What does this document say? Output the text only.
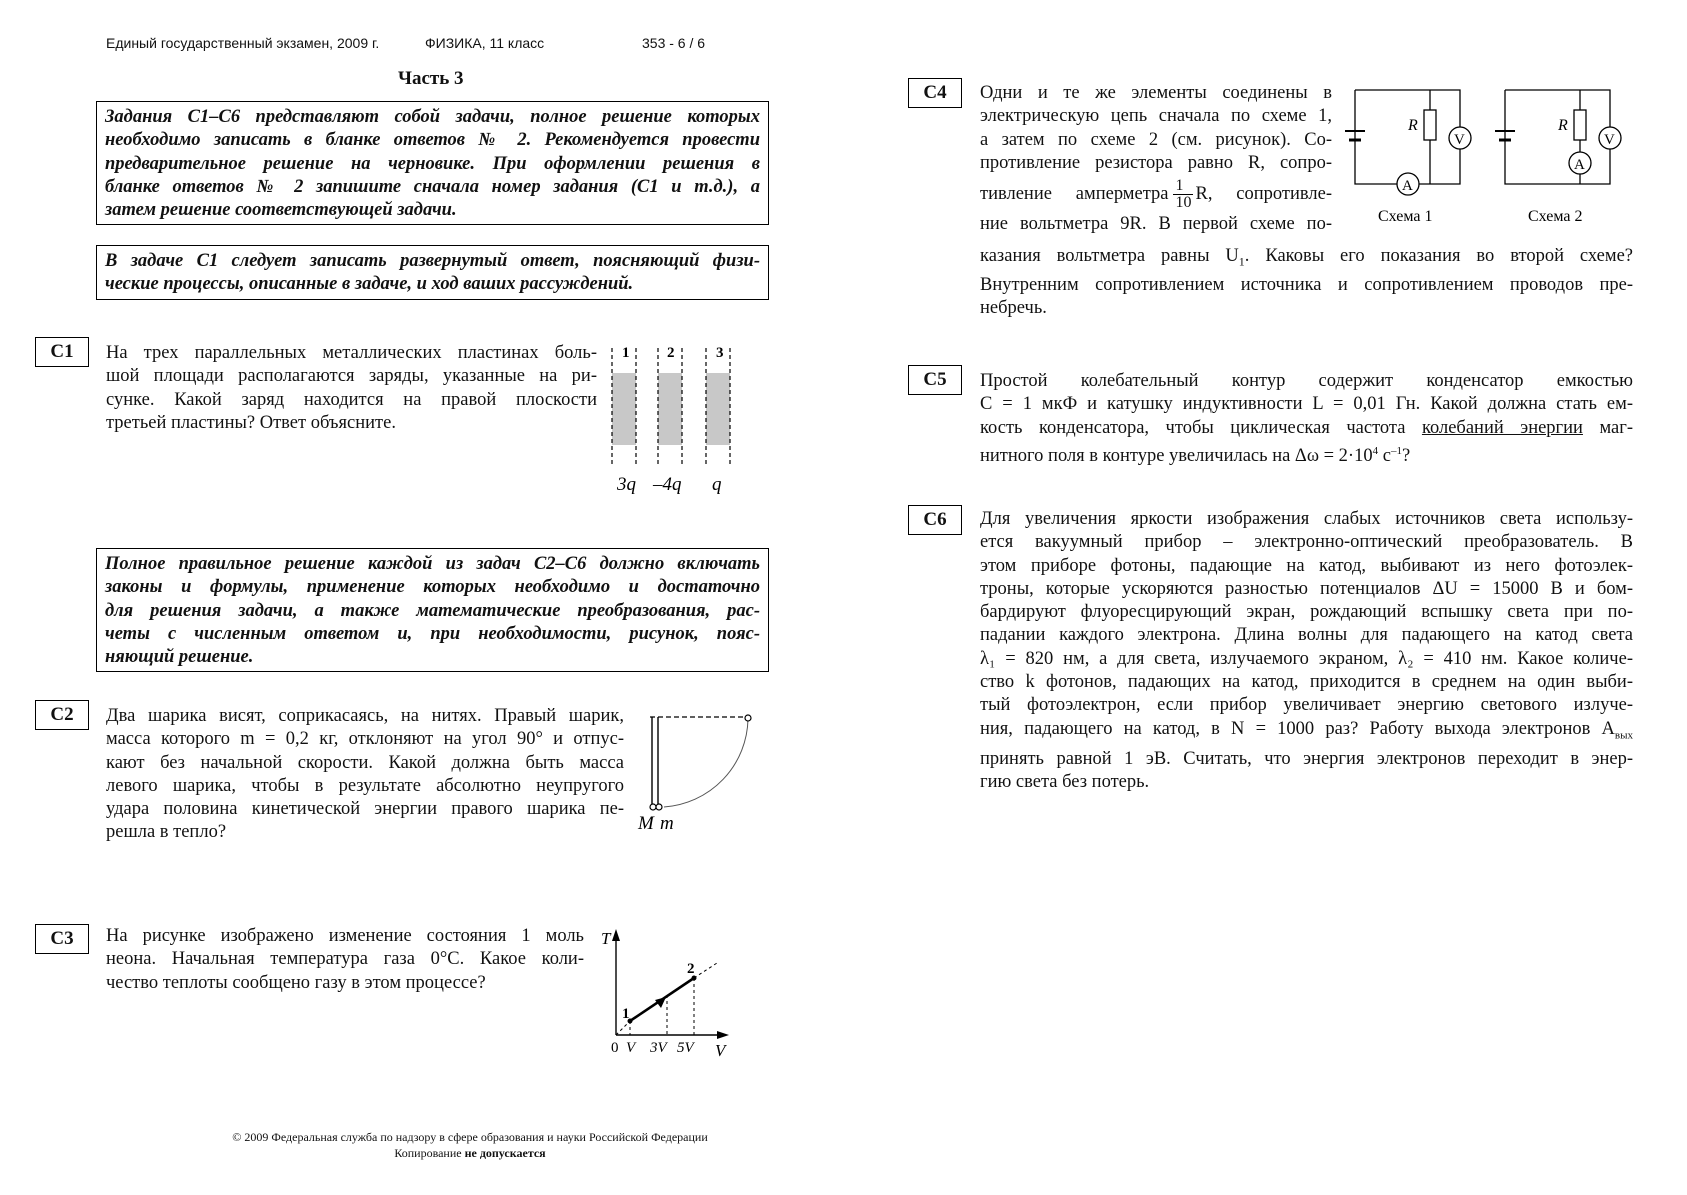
Единый государственный экзамен, 2009 г.	ФИЗИКА, 11 класс	353 - 6 / 6
Часть 3
Задания С1–С6 представляют собой задачи, полное решение которых
необходимо записать в бланке ответов № 2. Рекомендуется провести
предварительное решение на черновике. При оформлении решения в
бланке ответов № 2 запишите сначала номер задания (С1 и т.д.), а
затем решение соответствующей задачи.
В задаче С1 следует записать развернутый ответ, поясняющий физи-
ческие процессы, описанные в задаче, и ход ваших рассуждений.
C1	На трех параллельных металлических пластинах боль-
шой площади располагаются заряды, указанные на ри-
сунке. Какой заряд находится на правой плоскости
третьей пластины? Ответ объясните.
1	2	3
3q –4q q
Полное правильное решение каждой из задач С2–С6 должно включать
законы и формулы, применение которых необходимо и достаточно
для решения задачи, а также математические преобразования, рас-
четы с численным ответом и, при необходимости, рисунок, пояс-
няющий решение.
C2	Два шарика висят, соприкасаясь, на нитях. Правый шарик,
масса которого m = 0,2 кг, отклоняют на угол 90° и отпус-
кают без начальной скорости. Какой должна быть масса
левого шарика, чтобы в результате абсолютно неупругого
удара половина кинетической энергии правого шарика пе-
решла в тепло?	M m
C3	На рисунке изображено изменение состояния 1 моль
неона. Начальная температура газа 0°С. Какое коли-
чество теплоты сообщено газу в этом процессе?
T
V
1
2
0 V 3V 5V
C4	Одни и те же элементы соединены в
электрическую цепь сначала по схеме 1,
а затем по схеме 2 (см. рисунок). Со-
противление резистора равно R, сопро-
тивление амперметра $\frac{1}{10} R$, сопротивле-
ние вольтметра 9R. В первой схеме по-
казания вольтметра равны $U_1$. Каковы его показания во второй схеме?
Внутренним сопротивлением источника и сопротивлением проводов пре-
небречь.
R
V
A
R
V
A
Схема 1	Схема 2
C5	Простой колебательный контур содержит конденсатор емкостью
С = 1 мкФ и катушку индуктивности L = 0,01 Гн. Какой должна стать ем-
кость конденсатора, чтобы циклическая частота колебаний энергии маг-
нитного поля в контуре увеличилась на $\Delta\omega = 2\cdot 10^4$ $с^{-1}$?
C6	Для увеличения яркости изображения слабых источников света использу-
ется вакуумный прибор – электронно-оптический преобразователь. В
этом приборе фотоны, падающие на катод, выбивают из него фотоэлек-
троны, которые ускоряются разностью потенциалов ΔU = 15000 В и бом-
бардируют флуоресцирующий экран, рождающий вспышку света при по-
падании каждого электрона. Длина волны для падающего на катод света
λ₁ = 820 нм, а для света, излучаемого экраном, λ₂ = 410 нм. Какое количе-
ство k фотонов, падающих на катод, приходится в среднем на один выби-
тый фотоэлектрон, если прибор увеличивает энергию светового излуче-
ния, падающего на катод, в N = 1000 раз? Работу выхода электронов $A_{вых}$
принять равной 1 эВ. Считать, что энергия электронов переходит в энер-
гию света без потерь.
© 2009 Федеральная служба по надзору в сфере образования и науки Российской Федерации
Копирование не допускается
